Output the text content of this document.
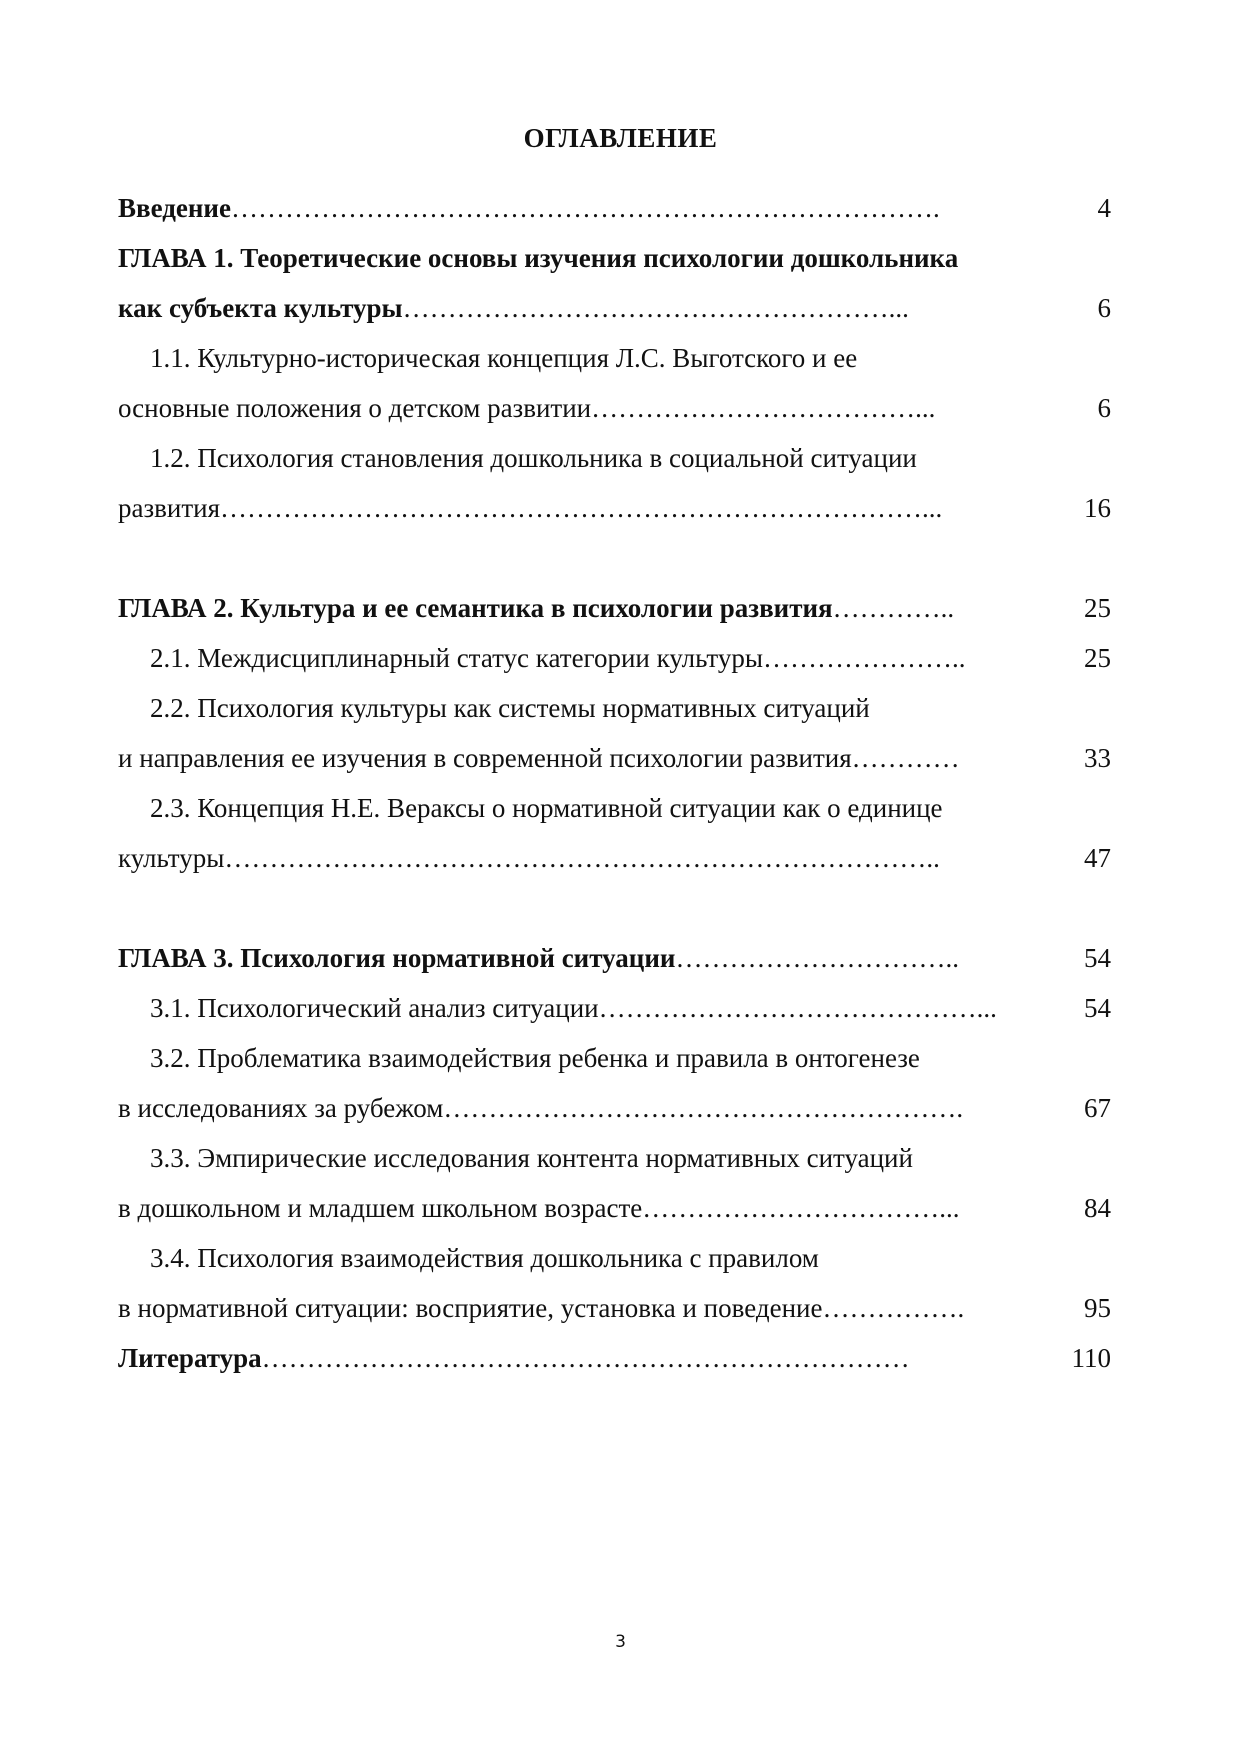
ОГЛАВЛЕНИЕ
Введение…………………………………………………………………….	4
ГЛАВА 1. Теоретические основы изучения психологии дошкольника
как субъекта культуры………………………………………………...	6
1.1. Культурно-историческая концепция Л.С. Выготского и ее
основные положения о детском развитии………………………………...	6
1.2. Психология становления дошкольника в социальной ситуации
развития……………………………………………………………………...	16
ГЛАВА 2. Культура и ее семантика в психологии развития…………..	25
2.1. Междисциплинарный статус категории культуры…………………..	25
2.2. Психология культуры как системы нормативных ситуаций
и направления ее изучения в современной психологии развития…………	33
2.3. Концепция Н.Е. Вераксы о нормативной ситуации как о единице
культуры……………………………………………………………………..	47
ГЛАВА 3. Психология нормативной ситуации…………………………..	54
3.1. Психологический анализ ситуации……………………………………...	54
3.2. Проблематика взаимодействия ребенка и правила в онтогенезе
в исследованиях за рубежом………………………………………………….	67
3.3. Эмпирические исследования контента нормативных ситуаций
в дошкольном и младшем школьном возрасте……………………………...	84
3.4. Психология взаимодействия дошкольника с правилом
в нормативной ситуации: восприятие, установка и поведение…………….	95
Литература………………………………………………………………	110
3
